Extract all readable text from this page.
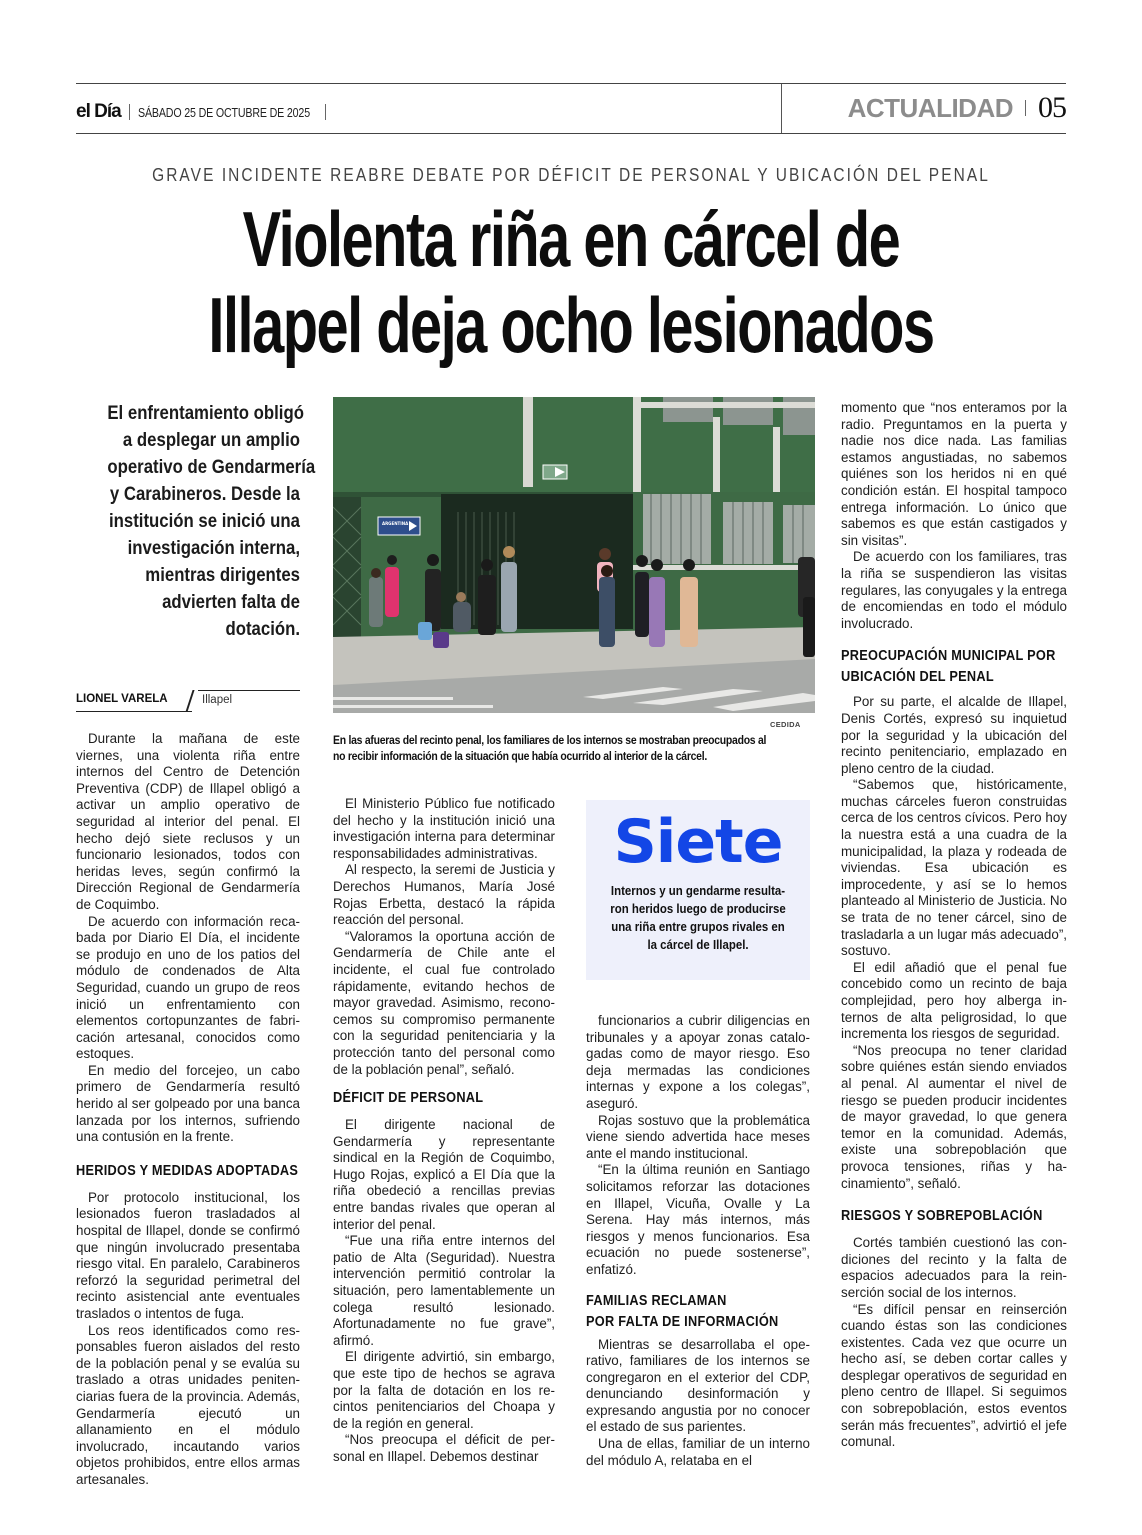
el Día SÁBADO 25 DE OCTUBRE DE 2025	ACTUALIDAD 05
GRAVE INCIDENTE REABRE DEBATE POR DÉFICIT DE PERSONAL Y UBICACIÓN DEL PENAL
Violenta riña en cárcel de
Illapel deja ocho lesionados
El enfrentamiento obligó
a desplegar un amplio
operativo de Gendarmería
y Carabineros. Desde la
institución se inició una
investigación interna,
mientras dirigentes
advierten falta de
dotación.
LIONEL VARELA	Illapel
ARGENTINA
CEDIDA
En las afueras del recinto penal, los familiares de los internos se mostraban preocupados al
no recibir información de la situación que había ocurrido al interior de la cárcel.

Durante la mañana de este viernes, una violenta riña entre internos del Centro de Detención Preventiva (CDP) de Illapel obligó a activar un amplio operativo de seguridad al interior del penal. El hecho dejó siete reclusos y un funcionario lesionados, todos con heridas leves, según confirmó la Dirección Regional de Gendarmería de Coquimbo.

De acuerdo con información recabada por Diario El Día, el incidente se produjo en uno de los patios del módulo de condenados de Alta Seguridad, cuando un grupo de reos inició un enfrentamiento con elementos cortopunzantes de fabricación artesanal, conocidos como estoques.

En medio del forcejeo, un cabo primero de Gendarmería resultó herido al ser golpeado por una banca lanzada por los internos, sufriendo una contusión en la frente.

HERIDOS Y MEDIDAS ADOPTADAS

Por protocolo institucional, los lesionados fueron trasladados al hospital de Illapel, donde se confirmó que ningún involucrado presentaba riesgo vital. En paralelo, Carabineros reforzó la seguridad perimetral del recinto asistencial ante eventuales traslados o intentos de fuga.

Los reos identificados como responsables fueron aislados del resto de la población penal y se evalúa su traslado a otras unidades penitenciarias fuera de la provincia. Además, Gendarmería ejecutó un allanamiento en el módulo involucrado, incautando varios objetos prohibidos, entre ellos armas artesanales.

El Ministerio Público fue notificado del hecho y la institución inició una investigación interna para determinar responsabilidades administrativas.

Al respecto, la seremi de Justicia y Derechos Humanos, María José Rojas Erbetta, destacó la rápida reacción del personal.

“Valoramos la oportuna acción de Gendarmería de Chile ante el incidente, el cual fue controlado rápidamente, evitando hechos de mayor gravedad. Asimismo, reconocemos su compromiso permanente con la seguridad penitenciaria y la protección tanto del personal como de la población penal”, señaló.

DÉFICIT DE PERSONAL

El dirigente nacional de Gendarmería y representante sindical en la Región de Coquimbo, Hugo Rojas, explicó a El Día que la riña obedeció a rencillas previas entre bandas rivales que operan al interior del penal.

“Fue una riña entre internos del patio de Alta (Seguridad). Nuestra intervención permitió controlar la situación, pero lamentablemente un colega resultó lesionado. Afortunadamente no fue grave”, afirmó.

El dirigente advirtió, sin embargo, que este tipo de hechos se agrava por la falta de dotación en los recintos penitenciarios del Choapa y de la región en general.

“Nos preocupa el déficit de personal en Illapel. Debemos destinar

Siete
Internos y un gendarme resulta-
ron heridos luego de producirse
una riña entre grupos rivales en
la cárcel de Illapel.

funcionarios a cubrir diligencias en tribunales y a apoyar zonas catalogadas como de mayor riesgo. Eso deja mermadas las condiciones internas y expone a los colegas”, aseguró.

Rojas sostuvo que la problemática viene siendo advertida hace meses ante el mando institucional.

“En la última reunión en Santiago solicitamos reforzar las dotaciones en Illapel, Vicuña, Ovalle y La Serena. Hay más internos, más riesgos y menos funcionarios. Esa ecuación no puede sostenerse”, enfatizó.

FAMILIAS RECLAMAN
POR FALTA DE INFORMACIÓN

Mientras se desarrollaba el operativo, familiares de los internos se congregaron en el exterior del CDP, denunciando desinformación y expresando angustia por no conocer el estado de sus parientes.

Una de ellas, familiar de un interno del módulo A, relataba en el

momento que “nos enteramos por la radio. Preguntamos en la puerta y nadie nos dice nada. Las familias estamos angustiadas, no sabemos quiénes son los heridos ni en qué condición están. El hospital tampoco entrega información. Lo único que sabemos es que están castigados y sin visitas”.

De acuerdo con los familiares, tras la riña se suspendieron las visitas regulares, las conyugales y la entrega de encomiendas en todo el módulo involucrado.

PREOCUPACIÓN MUNICIPAL POR
UBICACIÓN DEL PENAL

Por su parte, el alcalde de Illapel, Denis Cortés, expresó su inquietud por la seguridad y la ubicación del recinto penitenciario, emplazado en pleno centro de la ciudad.

“Sabemos que, históricamente, muchas cárceles fueron construidas cerca de los centros cívicos. Pero hoy la nuestra está a una cuadra de la municipalidad, la plaza y rodeada de viviendas. Esa ubicación es improcedente, y así se lo hemos planteado al Ministerio de Justicia. No se trata de no tener cárcel, sino de trasladarla a un lugar más adecuado”, sostuvo.

El edil añadió que el penal fue concebido como un recinto de baja complejidad, pero hoy alberga internos de alta peligrosidad, lo que incrementa los riesgos de seguridad.

“Nos preocupa no tener claridad sobre quiénes están siendo enviados al penal. Al aumentar el nivel de riesgo se pueden producir incidentes de mayor gravedad, lo que genera temor en la comunidad. Además, existe una sobrepoblación que provoca tensiones, riñas y hacinamiento”, señaló.

RIESGOS Y SOBREPOBLACIÓN

Cortés también cuestionó las condiciones del recinto y la falta de espacios adecuados para la reinserción social de los internos.

“Es difícil pensar en reinserción cuando éstas son las condiciones existentes. Cada vez que ocurre un hecho así, se deben cortar calles y desplegar operativos de seguridad en pleno centro de Illapel. Si seguimos con sobrepoblación, estos eventos serán más frecuentes”, advirtió el jefe comunal.
